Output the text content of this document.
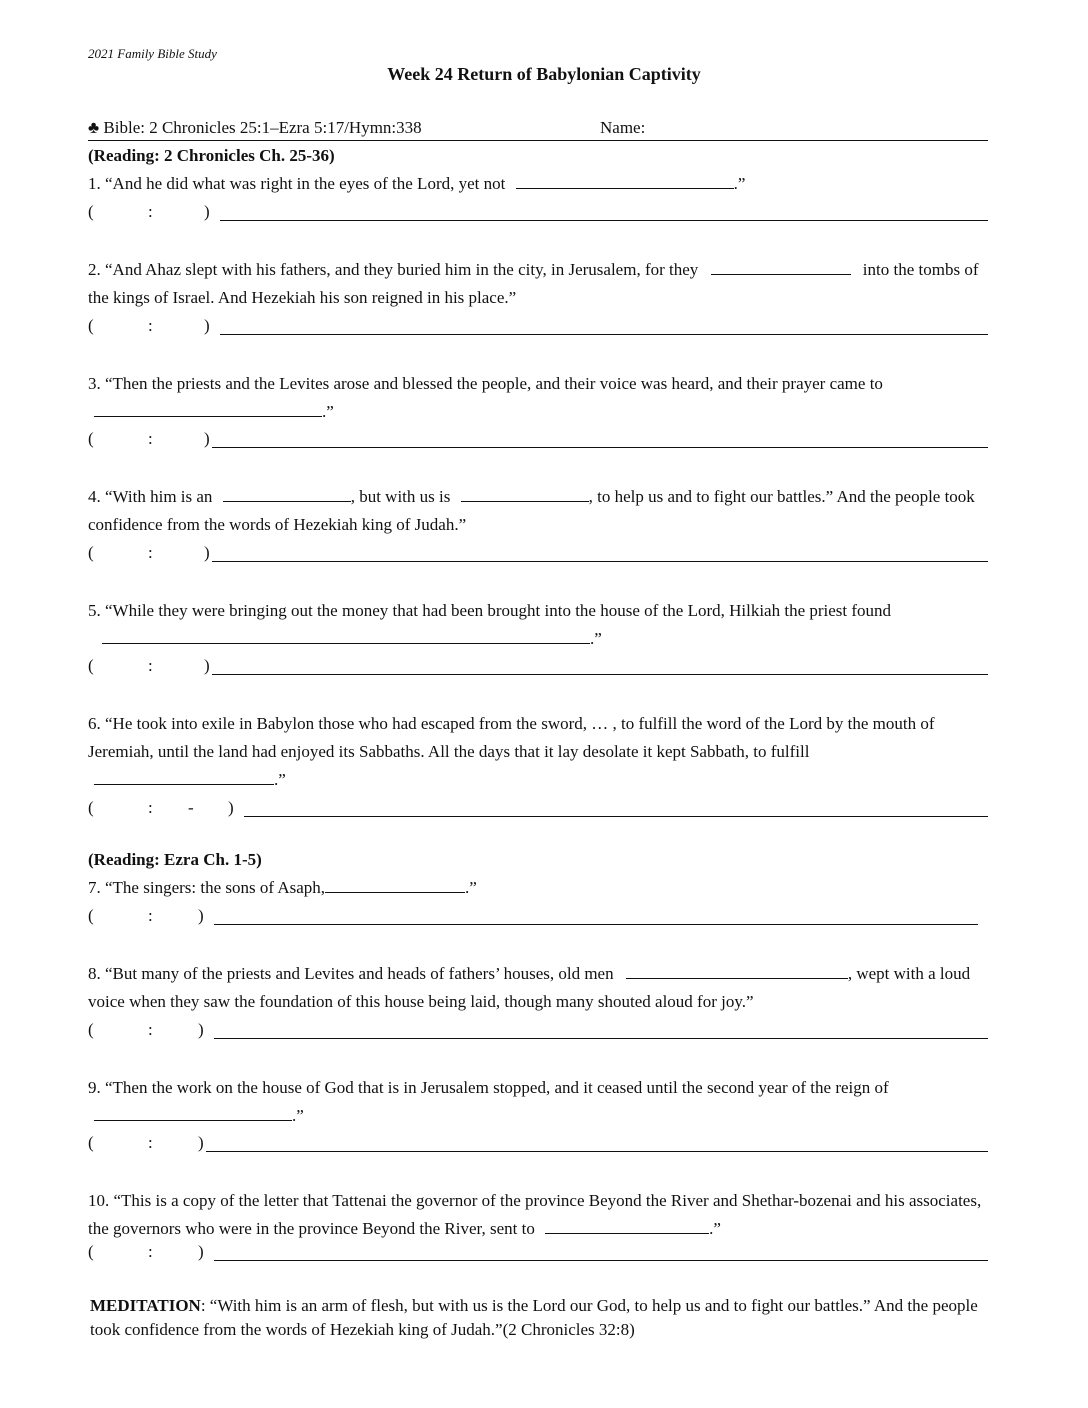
2021 Family Bible Study
Week 24 Return of Babylonian Captivity
♣ Bible: 2 Chronicles 25:1–Ezra 5:17/Hymn:338	Name:
(Reading: 2 Chronicles Ch. 25-36)
1. “And he did what was right in the eyes of the Lord, yet not	.”
(	:	)
2. “And Ahaz slept with his fathers, and they buried him in the city, in Jerusalem, for they	into the tombs of the kings of Israel. And Hezekiah his son reigned in his place.”
(	:	)
3. “Then the priests and the Levites arose and blessed the people, and their voice was heard, and their prayer came to .”
(	:	)
4. “With him is an	, but with us is	, to help us and to fight our battles.” And the people took confidence from the words of Hezekiah king of Judah.”
(	:	)
5. “While they were bringing out the money that had been brought into the house of the Lord, Hilkiah the priest found .”
(	:	)
6. “He took into exile in Babylon those who had escaped from the sword, … , to fulfill the word of the Lord by the mouth of Jeremiah, until the land had enjoyed its Sabbaths. All the days that it lay desolate it kept Sabbath, to fulfill .”
(	: - )
(Reading: Ezra Ch. 1-5)
7. “The singers: the sons of Asaph,	.”
(	:	)
8. “But many of the priests and Levites and heads of fathers’ houses, old men	, wept with a loud voice when they saw the foundation of this house being laid, though many shouted aloud for joy.”
(	:	)
9. “Then the work on the house of God that is in Jerusalem stopped, and it ceased until the second year of the reign of .”
(	:	)
10. “This is a copy of the letter that Tattenai the governor of the province Beyond the River and Shethar-bozenai and his associates, the governors who were in the province Beyond the River, sent to	.”
(	:	)
MEDITATION: “With him is an arm of flesh, but with us is the Lord our God, to help us and to fight our battles.” And the people took confidence from the words of Hezekiah king of Judah.”(2 Chronicles 32:8)
